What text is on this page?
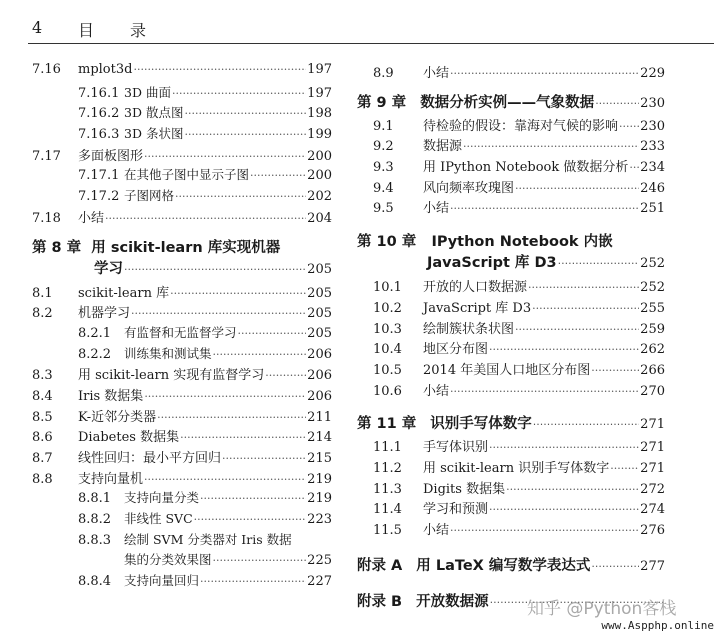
4 目 录
7.16	mplot3d ·····	197
7.16.1 3D 曲面 ·····	197
7.16.2 3D 散点图 ·····	198
7.16.3 3D 条状图 ·····	199
7.17	多面板图形 ·····	200
7.17.1 在其他子图中显示子图 ·····	200
7.17.2 子图网格 ·····	202
7.18	小结 ·····	204
第 8 章 用 scikit-learn 库实现机器
学习 ·····	205
8.1	scikit-learn 库 ·····	205
8.2	机器学习 ·····	205
8.2.1	有监督和无监督学习 ·····	205
8.2.2	训练集和测试集 ·····	206
8.3	用 scikit-learn 实现有监督学习 ·····	206
8.4	Iris 数据集 ·····	206
8.5	K-近邻分类器 ·····	211
8.6	Diabetes 数据集 ·····	214
8.7	线性回归：最小平方回归 ·····	215
8.8	支持向量机 ·····	219
8.8.1	支持向量分类 ·····	219
8.8.2	非线性 SVC ·····	223
8.8.3	绘制 SVM 分类器对 Iris 数据
集的分类效果图 ·····	225
8.8.4	支持向量回归 ·····	227
8.9	小结 ·····	229
第 9 章 数据分析实例——气象数据 ·····	230
9.1	待检验的假设：靠海对气候的影响 ····· 230
9.2	数据源 ·····	233
9.3	用 IPython Notebook 做数据分析 ····· 234
9.4	风向频率玫瑰图 ·····	246
9.5	小结 ·····	251
第 10 章 IPython Notebook 内嵌
JavaScript 库 D3 ·····	252
10.1	开放的人口数据源 ·····	252
10.2	JavaScript 库 D3 ·····	255
10.3	绘制簇状条状图 ·····	259
10.4	地区分布图 ·····	262
10.5	2014 年美国人口地区分布图 ·····	266
10.6	小结 ·····	270
第 11 章 识别手写体数字 ·····	271
11.1	手写体识别 ·····	271
11.2	用 scikit-learn 识别手写体数字 ····· 271
11.3	Digits 数据集 ·····	272
11.4	学习和预测 ·····	274
11.5	小结 ·····	276
附录 A 用 LaTeX 编写数学表达式 ·····	277
附录 B 开放数据源 ····· 知乎 @Python客栈
www.Aspphp.online
